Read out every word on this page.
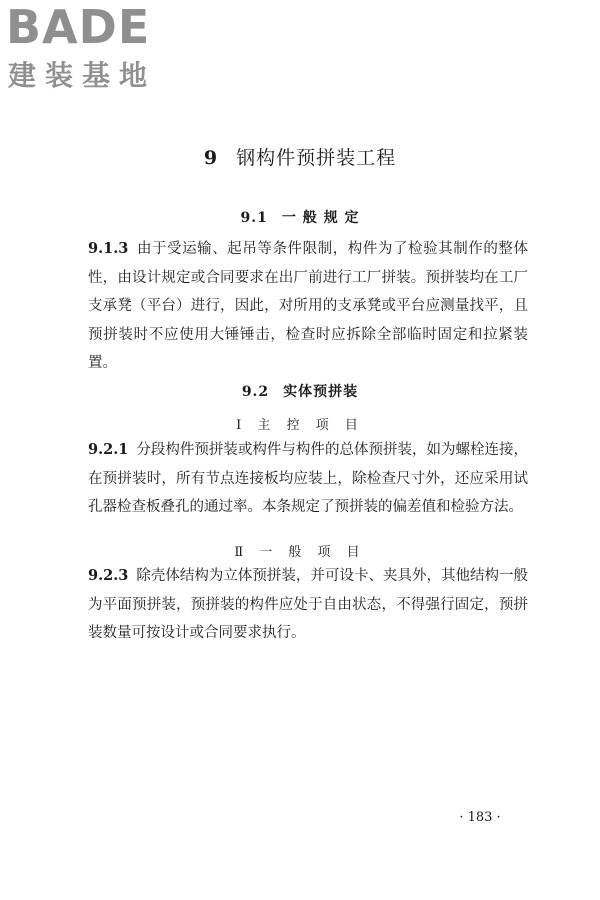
BADE
建装基地
9 钢构件预拼装工程
9.1 一 般 规 定
9.1.3 由于受运输、起吊等条件限制，构件为了检验其制作的整体性，由设计规定或合同要求在出厂前进行工厂拼装。预拼装均在工厂支承凳（平台）进行，因此，对所用的支承凳或平台应测量找平，且预拼装时不应使用大锤锤击，检查时应拆除全部临时固定和拉紧装置。
9.2 实体预拼装
Ⅰ 主 控 项 目
9.2.1 分段构件预拼装或构件与构件的总体预拼装，如为螺栓连接，在预拼装时，所有节点连接板均应装上，除检查尺寸外，还应采用试孔器检查板叠孔的通过率。本条规定了预拼装的偏差值和检验方法。
Ⅱ 一 般 项 目
9.2.3 除壳体结构为立体预拼装，并可设卡、夹具外，其他结构一般为平面预拼装，预拼装的构件应处于自由状态，不得强行固定，预拼装数量可按设计或合同要求执行。
· 183 ·
